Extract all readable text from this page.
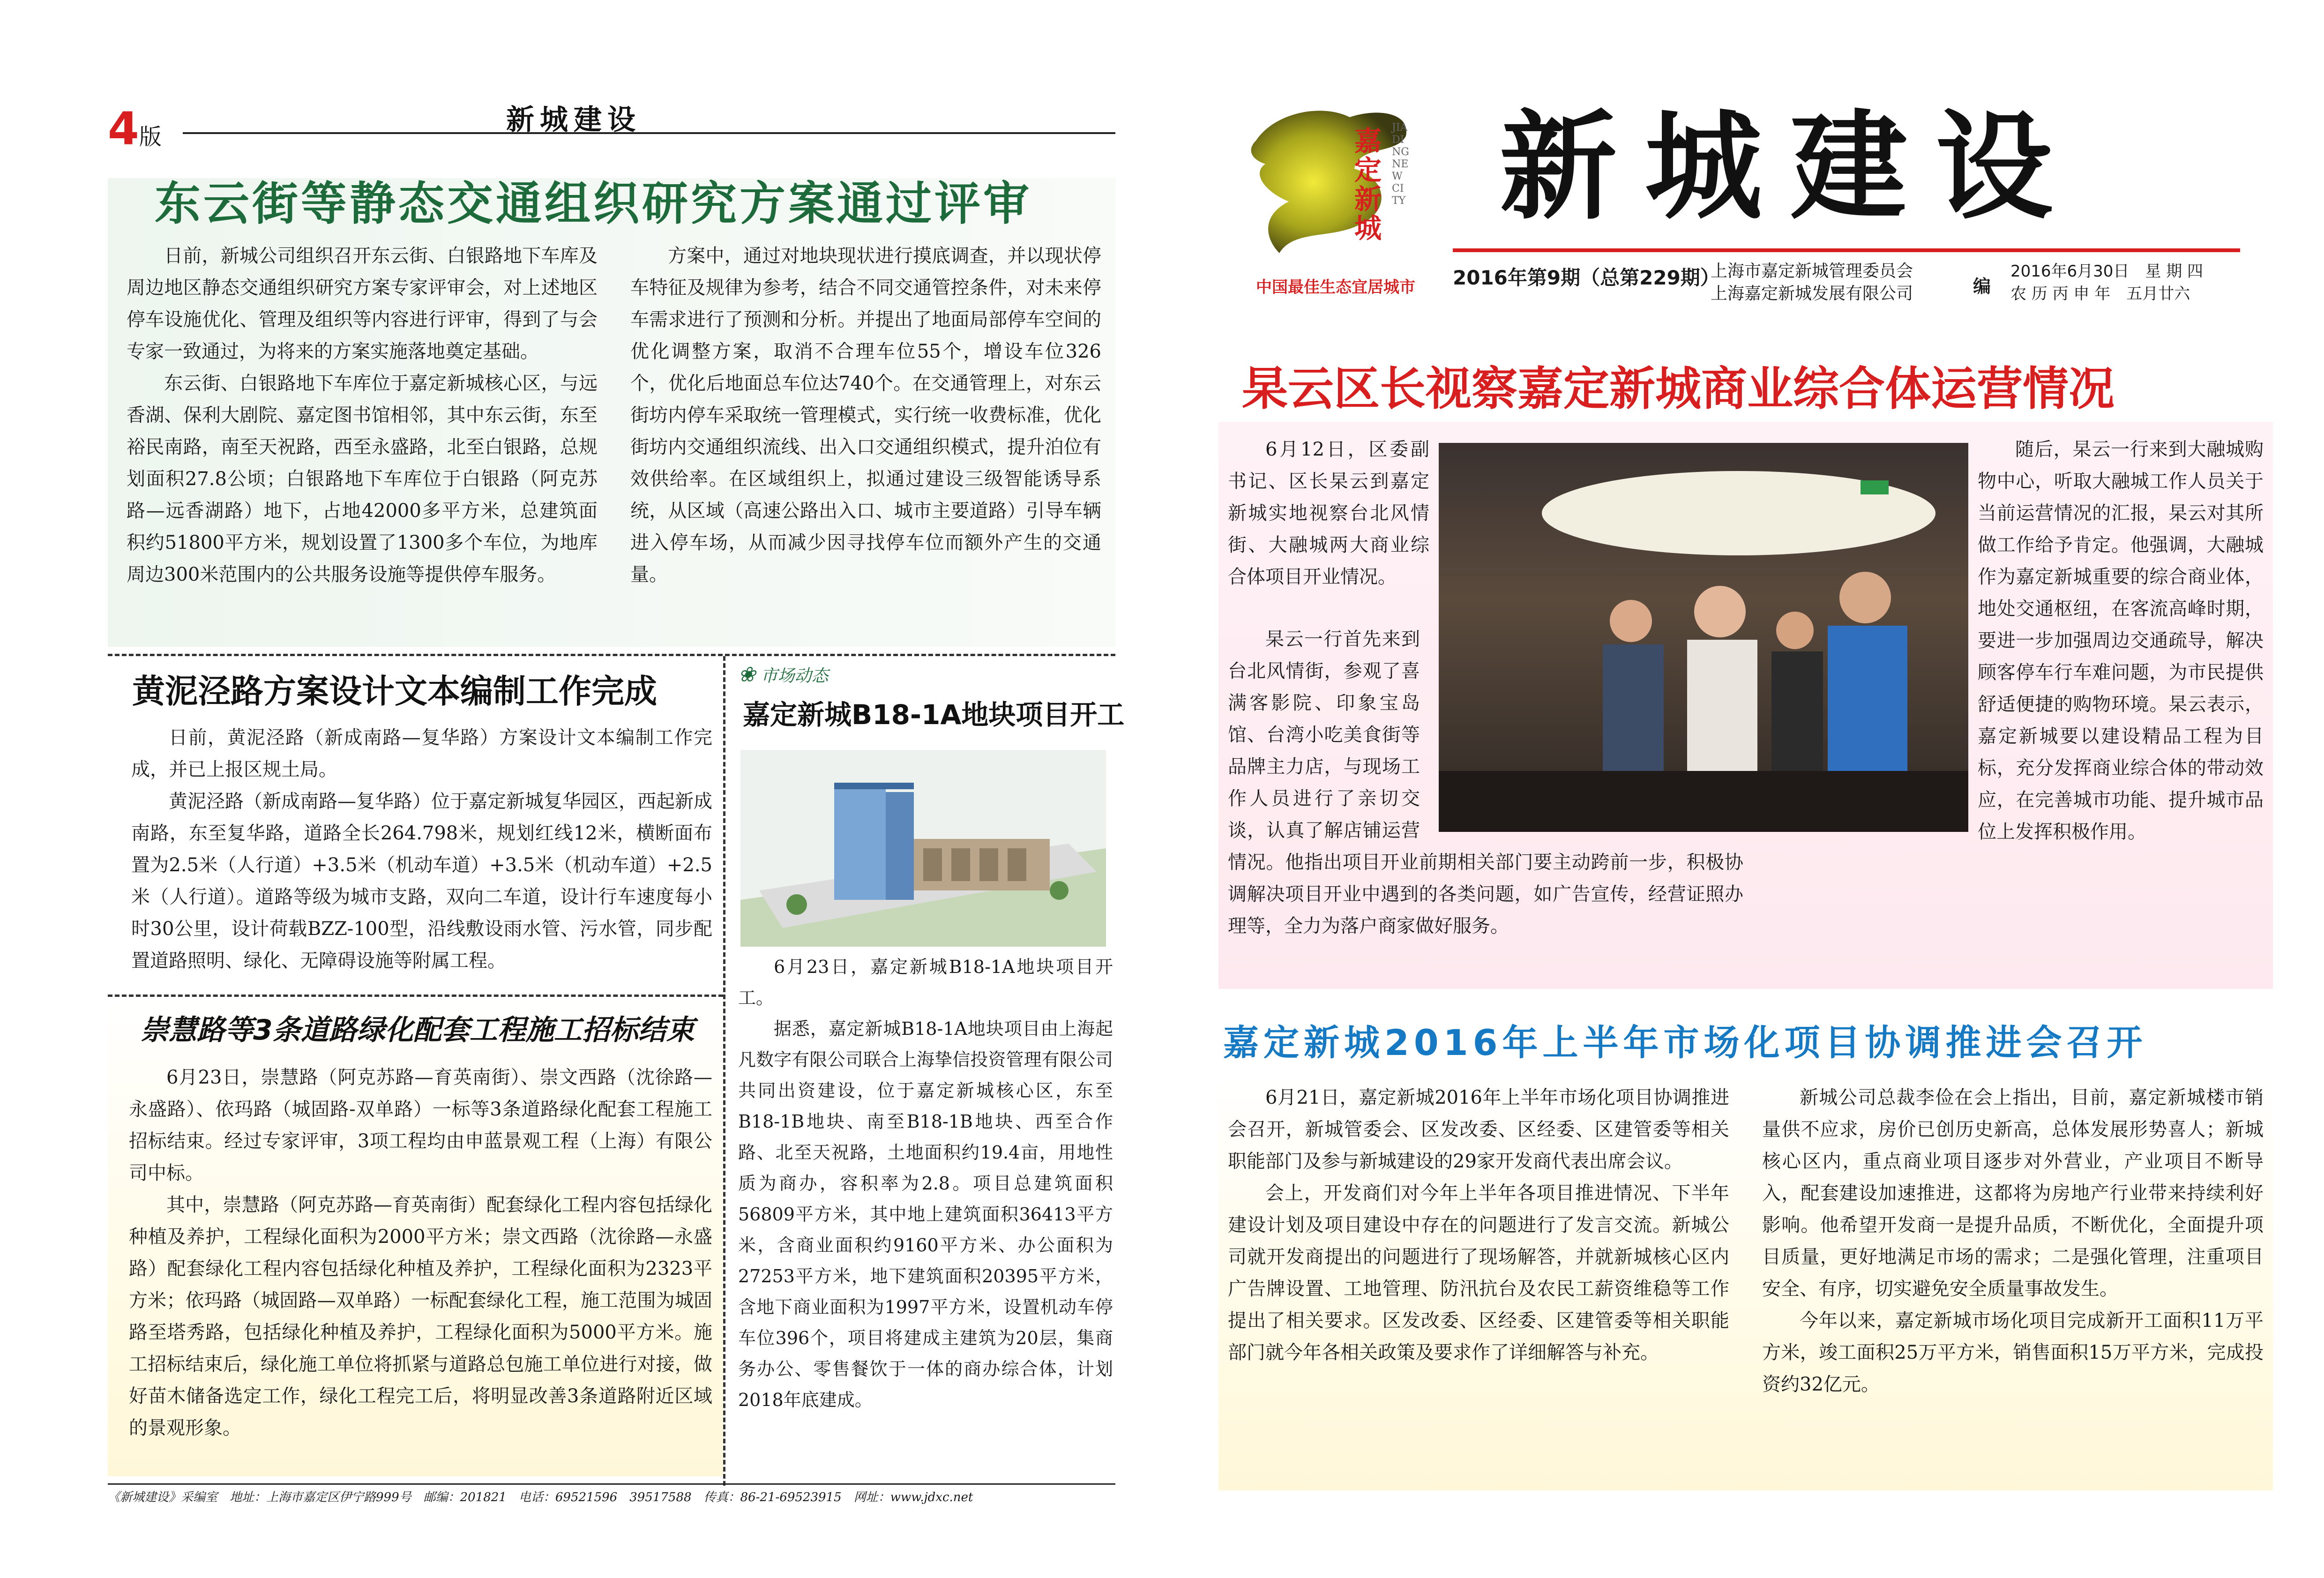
4版
新城建设
东云街等静态交通组织研究方案通过评审

日前，新城公司组织召开东云街、白银路地下车库及周边地区静态交通组织研究方案专家评审会，对上述地区停车设施优化、管理及组织等内容进行评审，得到了与会专家一致通过，为将来的方案实施落地奠定基础。

东云街、白银路地下车库位于嘉定新城核心区，与远香湖、保利大剧院、嘉定图书馆相邻，其中东云街，东至裕民南路，南至天祝路，西至永盛路，北至白银路，总规划面积27.8公顷；白银路地下车库位于白银路（阿克苏路—远香湖路）地下，占地42000多平方米，总建筑面积约51800平方米，规划设置了1300多个车位，为地库周边300米范围内的公共服务设施等提供停车服务。

方案中，通过对地块现状进行摸底调查，并以现状停车特征及规律为参考，结合不同交通管控条件，对未来停车需求进行了预测和分析。并提出了地面局部停车空间的优化调整方案，取消不合理车位55个，增设车位326个，优化后地面总车位达740个。在交通管理上，对东云街坊内停车采取统一管理模式，实行统一收费标准，优化街坊内交通组织流线、出入口交通组织模式，提升泊位有效供给率。在区域组织上，拟通过建设三级智能诱导系统，从区域（高速公路出入口、城市主要道路）引导车辆进入停车场，从而减少因寻找停车位而额外产生的交通量。

黄泥泾路方案设计文本编制工作完成

日前，黄泥泾路（新成南路—复华路）方案设计文本编制工作完成，并已上报区规土局。

黄泥泾路（新成南路—复华路）位于嘉定新城复华园区，西起新成南路，东至复华路，道路全长264.798米，规划红线12米，横断面布置为2.5米（人行道）+3.5米（机动车道）+3.5米（机动车道）+2.5米（人行道）。道路等级为城市支路，双向二车道，设计行车速度每小时30公里，设计荷载BZZ-100型，沿线敷设雨水管、污水管，同步配置道路照明、绿化、无障碍设施等附属工程。

崇慧路等3条道路绿化配套工程施工招标结束

6月23日，崇慧路（阿克苏路—育英南街）、崇文西路（沈徐路—永盛路）、依玛路（城固路-双单路）一标等3条道路绿化配套工程施工招标结束。经过专家评审，3项工程均由申蓝景观工程（上海）有限公司中标。

其中，崇慧路（阿克苏路—育英南街）配套绿化工程内容包括绿化种植及养护，工程绿化面积为2000平方米；崇文西路（沈徐路—永盛路）配套绿化工程内容包括绿化种植及养护，工程绿化面积为2323平方米；依玛路（城固路—双单路）一标配套绿化工程，施工范围为城固路至塔秀路，包括绿化种植及养护，工程绿化面积为5000平方米。施工招标结束后，绿化施工单位将抓紧与道路总包施工单位进行对接，做好苗木储备选定工作，绿化工程完工后，将明显改善3条道路附近区域的景观形象。

❀ 市场动态
嘉定新城B18-1A地块项目开工

6月23日，嘉定新城B18-1A地块项目开工。

据悉，嘉定新城B18-1A地块项目由上海起凡数字有限公司联合上海挚信投资管理有限公司共同出资建设，位于嘉定新城核心区，东至B18-1B地块、南至B18-1B地块、西至合作路、北至天祝路，土地面积约19.4亩，用地性质为商办，容积率为2.8。项目总建筑面积56809平方米，其中地上建筑面积36413平方米，含商业面积约9160平方米、办公面积为27253平方米，地下建筑面积20395平方米，含地下商业面积为1997平方米，设置机动车停车位396个，项目将建成主建筑为20层，集商务办公、零售餐饮于一体的商办综合体，计划2018年底建成。

《新城建设》采编室　地址：上海市嘉定区伊宁路999号　邮编：201821　电话：69521596　39517588　传真：86-21-69523915　网址：www.jdxc.net
嘉定新城
JIADING NEW CITY
中国最佳生态宜居城市
新城建设
2016年第9期（总第229期）
上海市嘉定新城管理委员会
上海嘉定新城发展有限公司	编
2016年6月30日　星 期 四
农 历 丙 申 年　五月廿六
杲云区长视察嘉定新城商业综合体运营情况

6月12日，区委副书记、区长杲云到嘉定新城实地视察台北风情街、大融城两大商业综合体项目开业情况。

杲云一行首先来到台北风情街，参观了喜满客影院、印象宝岛馆、台湾小吃美食街等品牌主力店，与现场工作人员进行了亲切交谈，认真了解店铺运营情况。他指出项目开业前期相关部门要主动跨前一步，积极协调解决项目开业中遇到的各类问题，如广告宣传，经营证照办理等，全力为落户商家做好服务。

随后，杲云一行来到大融城购物中心，听取大融城工作人员关于当前运营情况的汇报，杲云对其所做工作给予肯定。他强调，大融城作为嘉定新城重要的综合商业体，地处交通枢纽，在客流高峰时期，要进一步加强周边交通疏导，解决顾客停车行车难问题，为市民提供舒适便捷的购物环境。杲云表示，嘉定新城要以建设精品工程为目标，充分发挥商业综合体的带动效应，在完善城市功能、提升城市品位上发挥积极作用。

嘉定新城2016年上半年市场化项目协调推进会召开

6月21日，嘉定新城2016年上半年市场化项目协调推进会召开，新城管委会、区发改委、区经委、区建管委等相关职能部门及参与新城建设的29家开发商代表出席会议。

会上，开发商们对今年上半年各项目推进情况、下半年建设计划及项目建设中存在的问题进行了发言交流。新城公司就开发商提出的问题进行了现场解答，并就新城核心区内广告牌设置、工地管理、防汛抗台及农民工薪资维稳等工作提出了相关要求。区发改委、区经委、区建管委等相关职能部门就今年各相关政策及要求作了详细解答与补充。

新城公司总裁李俭在会上指出，目前，嘉定新城楼市销量供不应求，房价已创历史新高，总体发展形势喜人；新城核心区内，重点商业项目逐步对外营业，产业项目不断导入，配套建设加速推进，这都将为房地产行业带来持续利好影响。他希望开发商一是提升品质，不断优化，全面提升项目质量，更好地满足市场的需求；二是强化管理，注重项目安全、有序，切实避免安全质量事故发生。

今年以来，嘉定新城市场化项目完成新开工面积11万平方米，竣工面积25万平方米，销售面积15万平方米，完成投资约32亿元。
